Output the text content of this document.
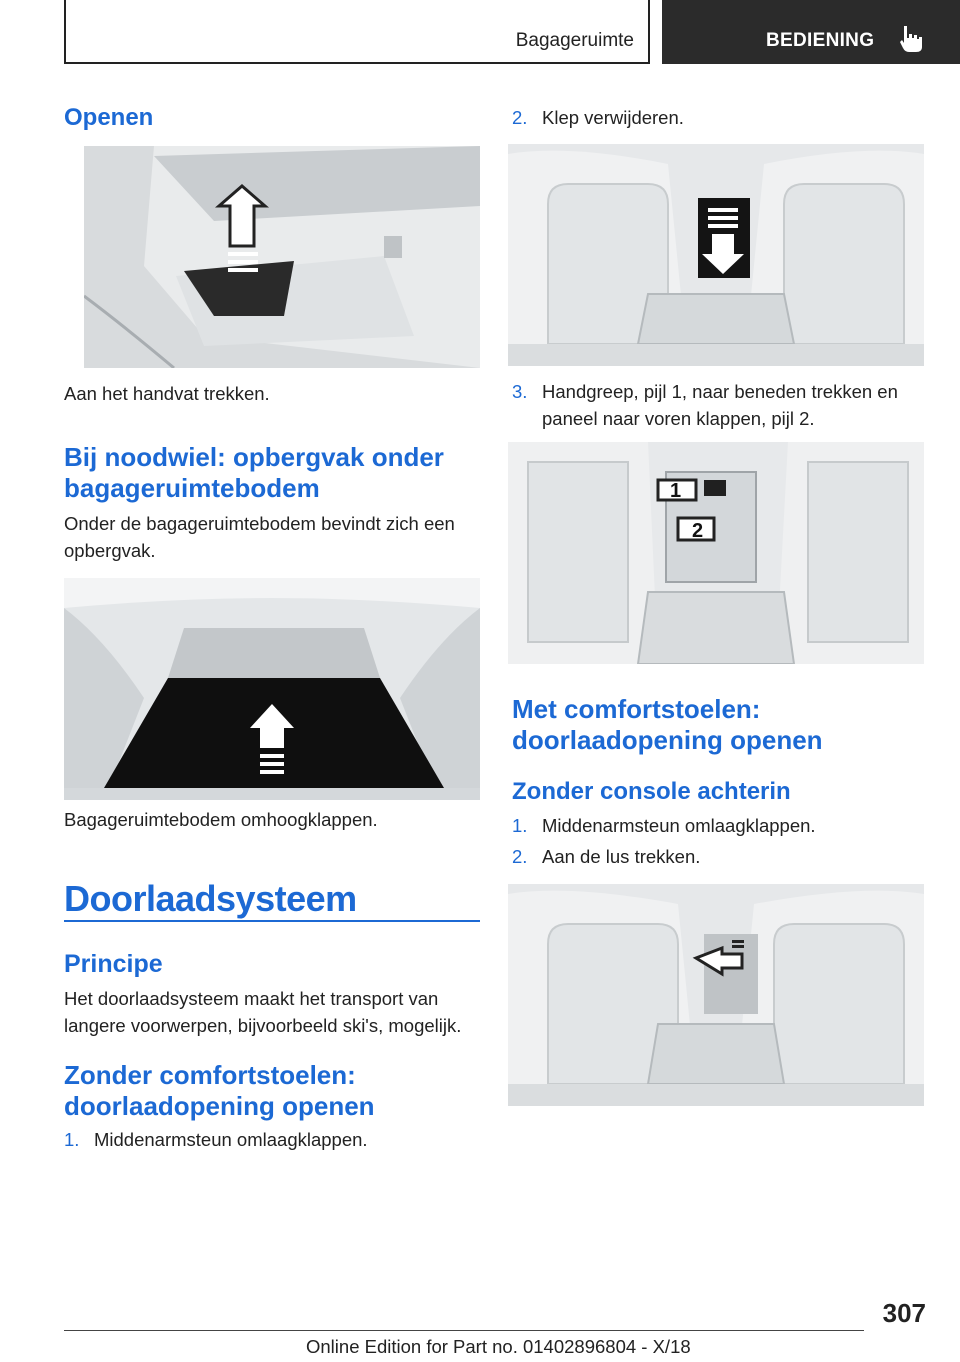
Bagageruimte	BEDIENING
Openen
Aan het handvat trekken.
Bij noodwiel: opbergvak onder bagageruimtebodem
Onder de bagageruimtebodem bevindt zich een opbergvak.
Bagageruimtebodem omhoogklappen.
Doorlaadsysteem
Principe
Het doorlaadsysteem maakt het transport van langere voorwerpen, bijvoorbeeld ski's, mogelijk.
Zonder comfortstoelen: doorlaadopening openen
1. Middenarmsteun omlaagklappen.
2. Klep verwijderen.
3. Handgreep, pijl 1, naar beneden trekken en paneel naar voren klappen, pijl 2.
1
2
Met comfortstoelen: doorlaadopening openen
Zonder console achterin
1. Middenarmsteun omlaagklappen.
2. Aan de lus trekken.
307
Online Edition for Part no. 01402896804 - X/18
